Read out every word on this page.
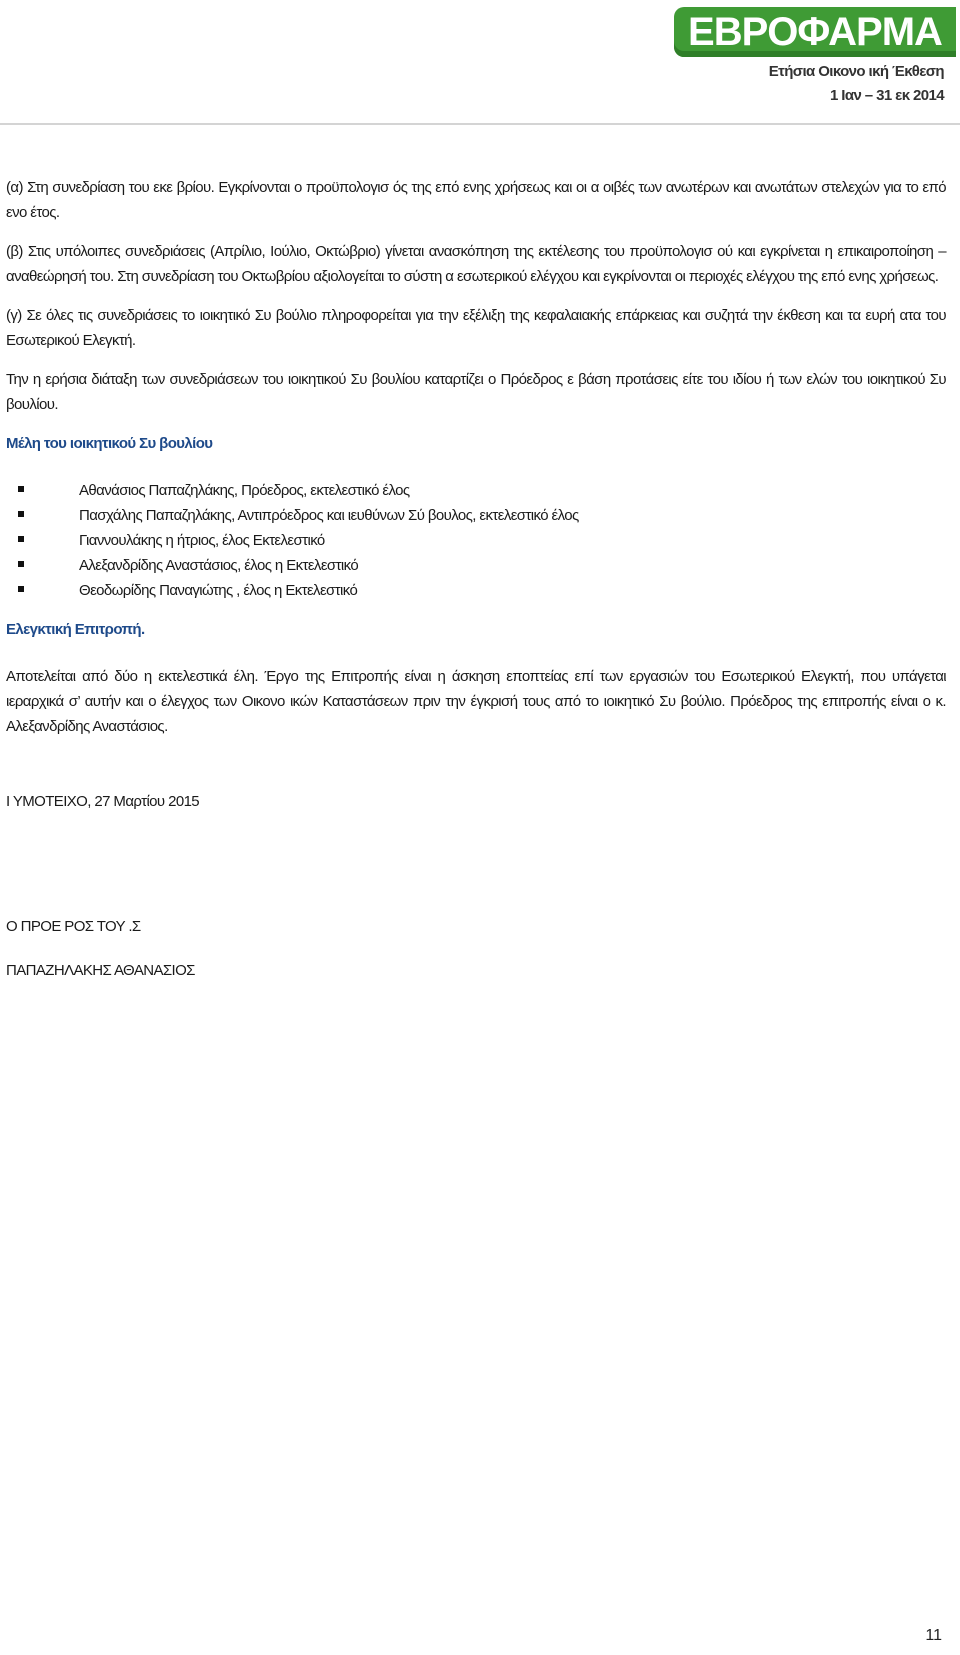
ΕΒΡΟΦΑΡΜΑ
Ετήσια Οικονο ική Έκθεση
1 Ιαν – 31 εκ 2014

(α) Στη συνεδρίαση του εκε βρίου. Εγκρίνονται ο προϋπολογισ ός της επό ενης χρήσεως και οι α οιβές των ανωτέρων και ανωτάτων στελεχών για το επό ενο έτος.

(β) Στις υπόλοιπες συνεδριάσεις (Απρίλιο, Ιούλιο, Οκτώβριο) γίνεται ανασκόπηση της εκτέλεσης του προϋπολογισ ού και εγκρίνεται η επικαιροποίηση –αναθεώρησή του. Στη συνεδρίαση του Οκτωβρίου αξιολογείται το σύστη α εσωτερικού ελέγχου και εγκρίνονται οι περιοχές ελέγχου της επό ενης χρήσεως.

(γ) Σε όλες τις συνεδριάσεις το ιοικητικό Συ βούλιο πληροφορείται για την εξέλιξη της κεφαλαιακής επάρκειας και συζητά την έκθεση και τα ευρή ατα του Εσωτερικού Ελεγκτή.

Την η ερήσια διάταξη των συνεδριάσεων του ιοικητικού Συ βουλίου καταρτίζει ο Πρόεδρος ε βάση προτάσεις είτε του ιδίου ή των ελών του ιοικητικού Συ βουλίου.

Μέλη του ιοικητικού Συ βουλίου

Αθανάσιος Παπαζηλάκης, Πρόεδρος, εκτελεστικό έλος
Πασχάλης Παπαζηλάκης, Αντιπρόεδρος και ιευθύνων Σύ βουλος, εκτελεστικό έλος
Γιαννουλάκης η ήτριος, έλος Εκτελεστικό
Αλεξανδρίδης Αναστάσιος, έλος η Εκτελεστικό
Θεοδωρίδης Παναγιώτης , έλος η Εκτελεστικό

Ελεγκτική Επιτροπή.

Αποτελείται από δύο η εκτελεστικά έλη. Έργο της Επιτροπής είναι η άσκηση εποπτείας επί των εργασιών του Εσωτερικού Ελεγκτή, που υπάγεται ιεραρχικά σ’ αυτήν και ο έλεγχος των Οικονο ικών Καταστάσεων πριν την έγκρισή τους από το ιοικητικό Συ βούλιο. Πρόεδρος της επιτροπής είναι ο κ. Αλεξανδρίδης Αναστάσιος.

Ι ΥΜΟΤΕΙΧΟ, 27 Μαρτίου 2015

Ο ΠΡΟΕ ΡΟΣ ΤΟΥ .Σ

ΠΑΠΑΖΗΛΑΚΗΣ ΑΘΑΝΑΣΙΟΣ

11
